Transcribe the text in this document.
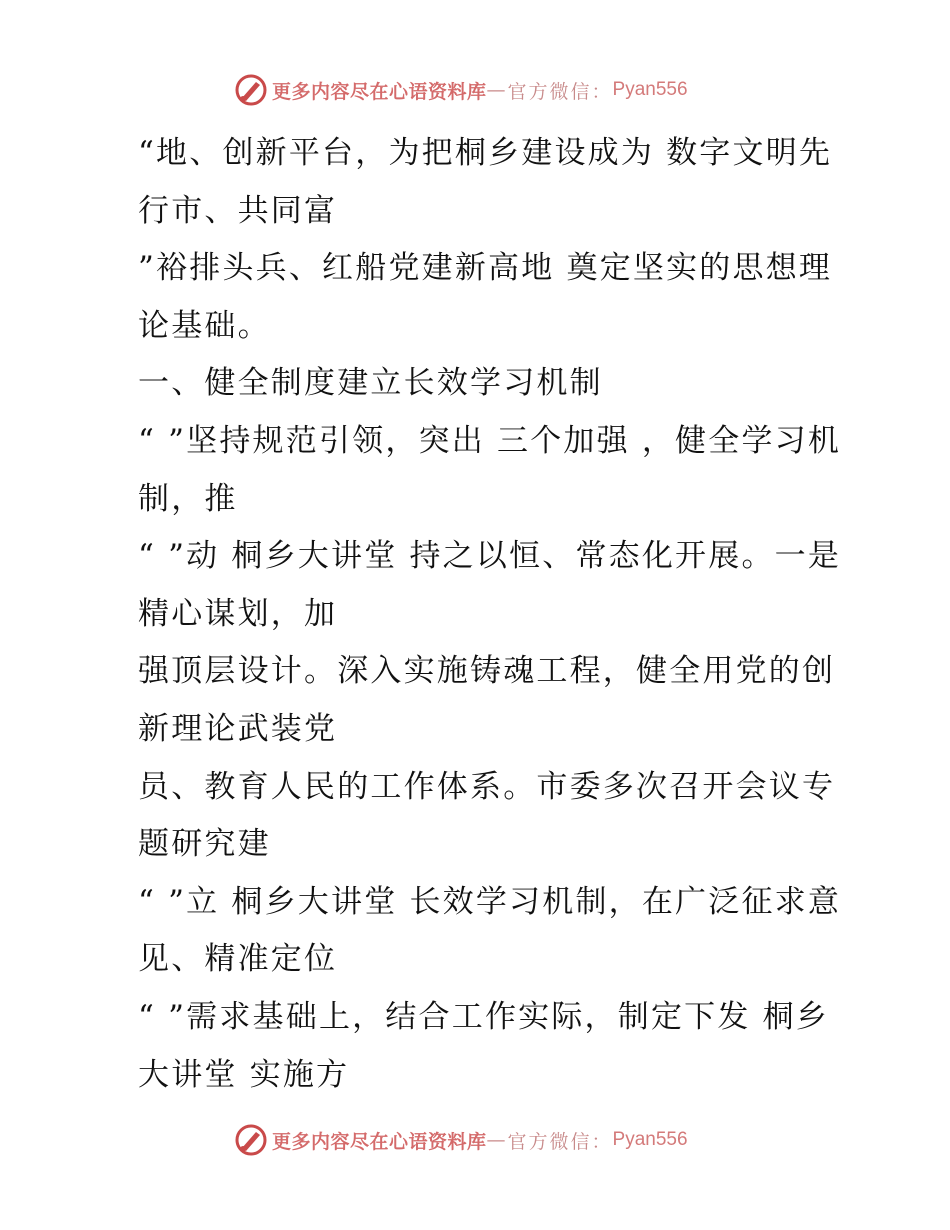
更多内容尽在心语资料库 — 官方微信： Pyan556

“地、创新平台，为把桐乡建设成为 数字文明先行市、共同富

”裕排头兵、红船党建新高地 奠定坚实的思想理论基础。

一、健全制度建立长效学习机制

“ ”坚持规范引领，突出 三个加强 ，健全学习机制，推

“ ”动 桐乡大讲堂 持之以恒、常态化开展。一是精心谋划，加

强顶层设计。深入实施铸魂工程，健全用党的创新理论武装党

员、教育人民的工作体系。市委多次召开会议专题研究建

“ ”立 桐乡大讲堂 长效学习机制，在广泛征求意见、精准定位

“ ”需求基础上，结合工作实际，制定下发 桐乡大讲堂 实施方

更多内容尽在心语资料库 — 官方微信： Pyan556
